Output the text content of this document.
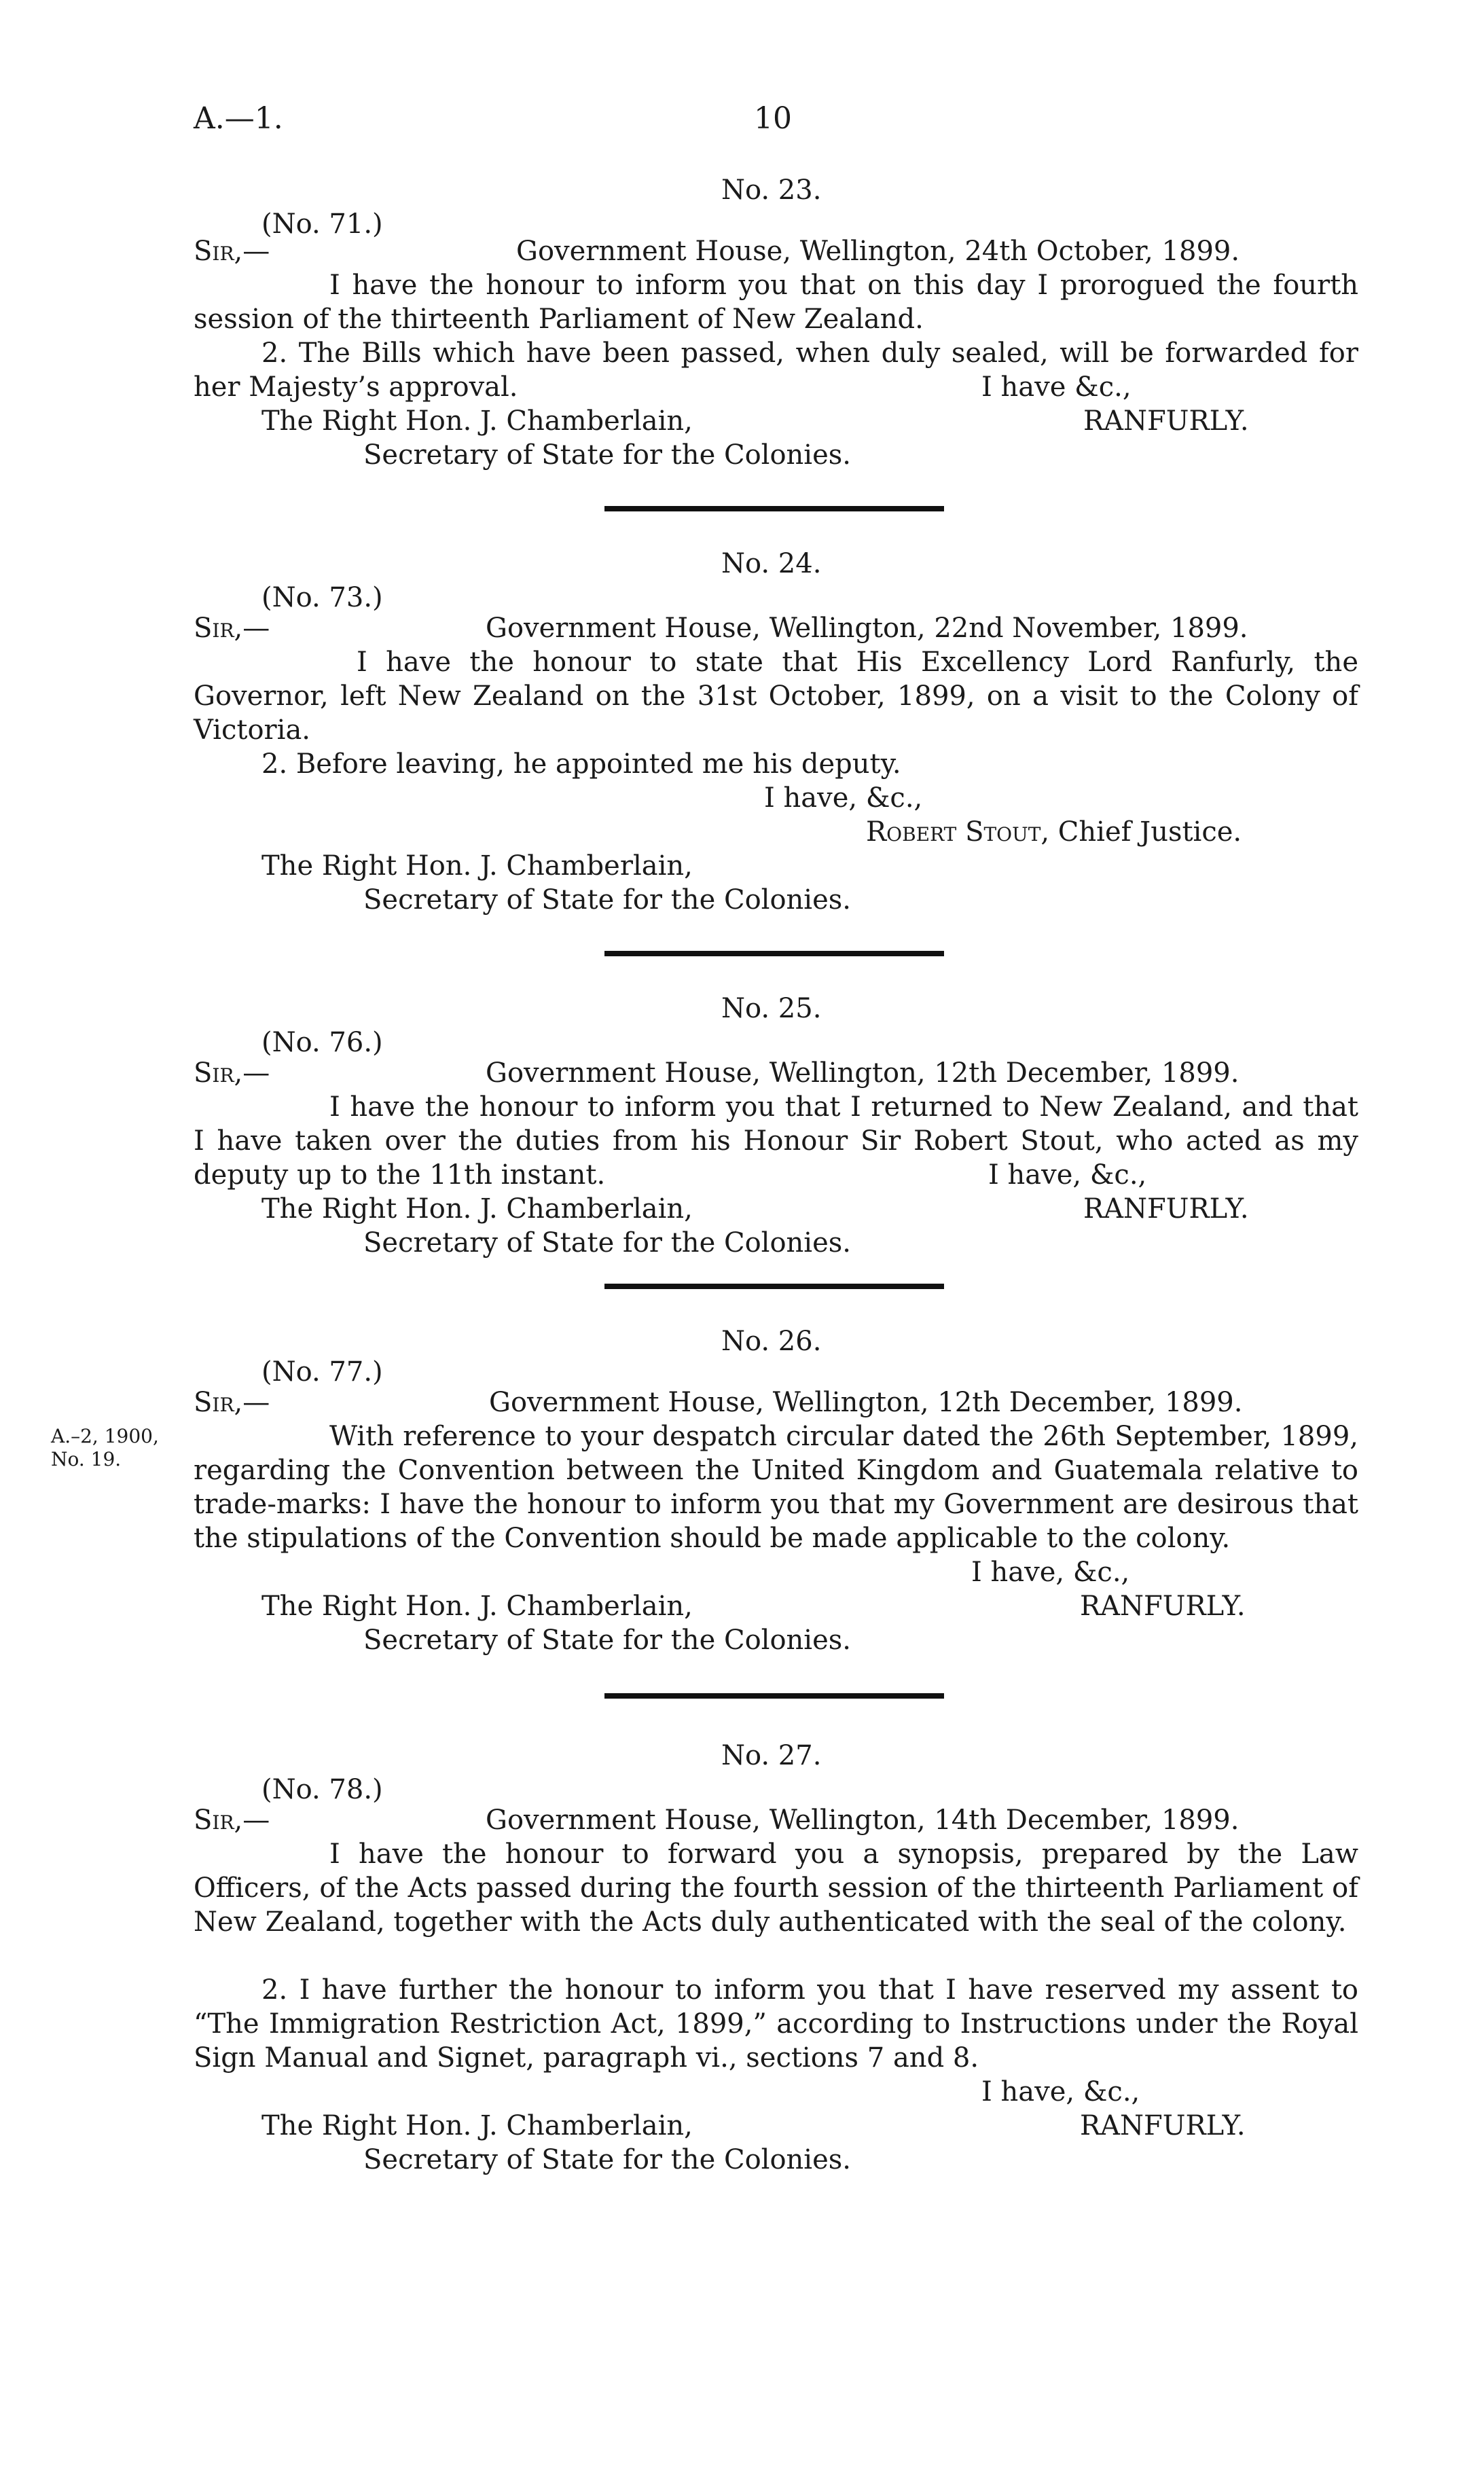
A.—1.	10
No. 23.
(No. 71.)
Sir,—	Government House, Wellington, 24th October, 1899.
I have the honour to inform you that on this day I prorogued the fourth session of the thirteenth Parliament of New Zealand.
2. The Bills which have been passed, when duly sealed, will be forwarded for her Majesty’s approval.	I have &c.,
The Right Hon. J. Chamberlain,	RANFURLY.
Secretary of State for the Colonies.
No. 24.
(No. 73.)
Sir,—	Government House, Wellington, 22nd November, 1899.
I have the honour to state that His Excellency Lord Ranfurly, the Governor, left New Zealand on the 31st October, 1899, on a visit to the Colony of Victoria.
2. Before leaving, he appointed me his deputy.
I have, &c.,
Robert Stout, Chief Justice.
The Right Hon. J. Chamberlain,
Secretary of State for the Colonies.
No. 25.
(No. 76.)
Sir,—	Government House, Wellington, 12th December, 1899.
I have the honour to inform you that I returned to New Zealand, and that I have taken over the duties from his Honour Sir Robert Stout, who acted as my deputy up to the 11th instant.	I have, &c.,
The Right Hon. J. Chamberlain,	RANFURLY.
Secretary of State for the Colonies.
No. 26.
(No. 77.)
Sir,—	Government House, Wellington, 12th December, 1899.
A.–2, 1900,
No. 19.
With reference to your despatch circular dated the 26th September, 1899, regarding the Convention between the United Kingdom and Guatemala relative to trade-marks: I have the honour to inform you that my Government are desirous that the stipulations of the Convention should be made applicable to the colony.
I have, &c.,
The Right Hon. J. Chamberlain,	RANFURLY.
Secretary of State for the Colonies.
No. 27.
(No. 78.)
Sir,—	Government House, Wellington, 14th December, 1899.
I have the honour to forward you a synopsis, prepared by the Law Officers, of the Acts passed during the fourth session of the thirteenth Parliament of New Zealand, together with the Acts duly authenticated with the seal of the colony.
2. I have further the honour to inform you that I have reserved my assent to “The Immigration Restriction Act, 1899,” according to Instructions under the Royal Sign Manual and Signet, paragraph vi., sections 7 and 8.
I have, &c.,
The Right Hon. J. Chamberlain,	RANFURLY.
Secretary of State for the Colonies.
